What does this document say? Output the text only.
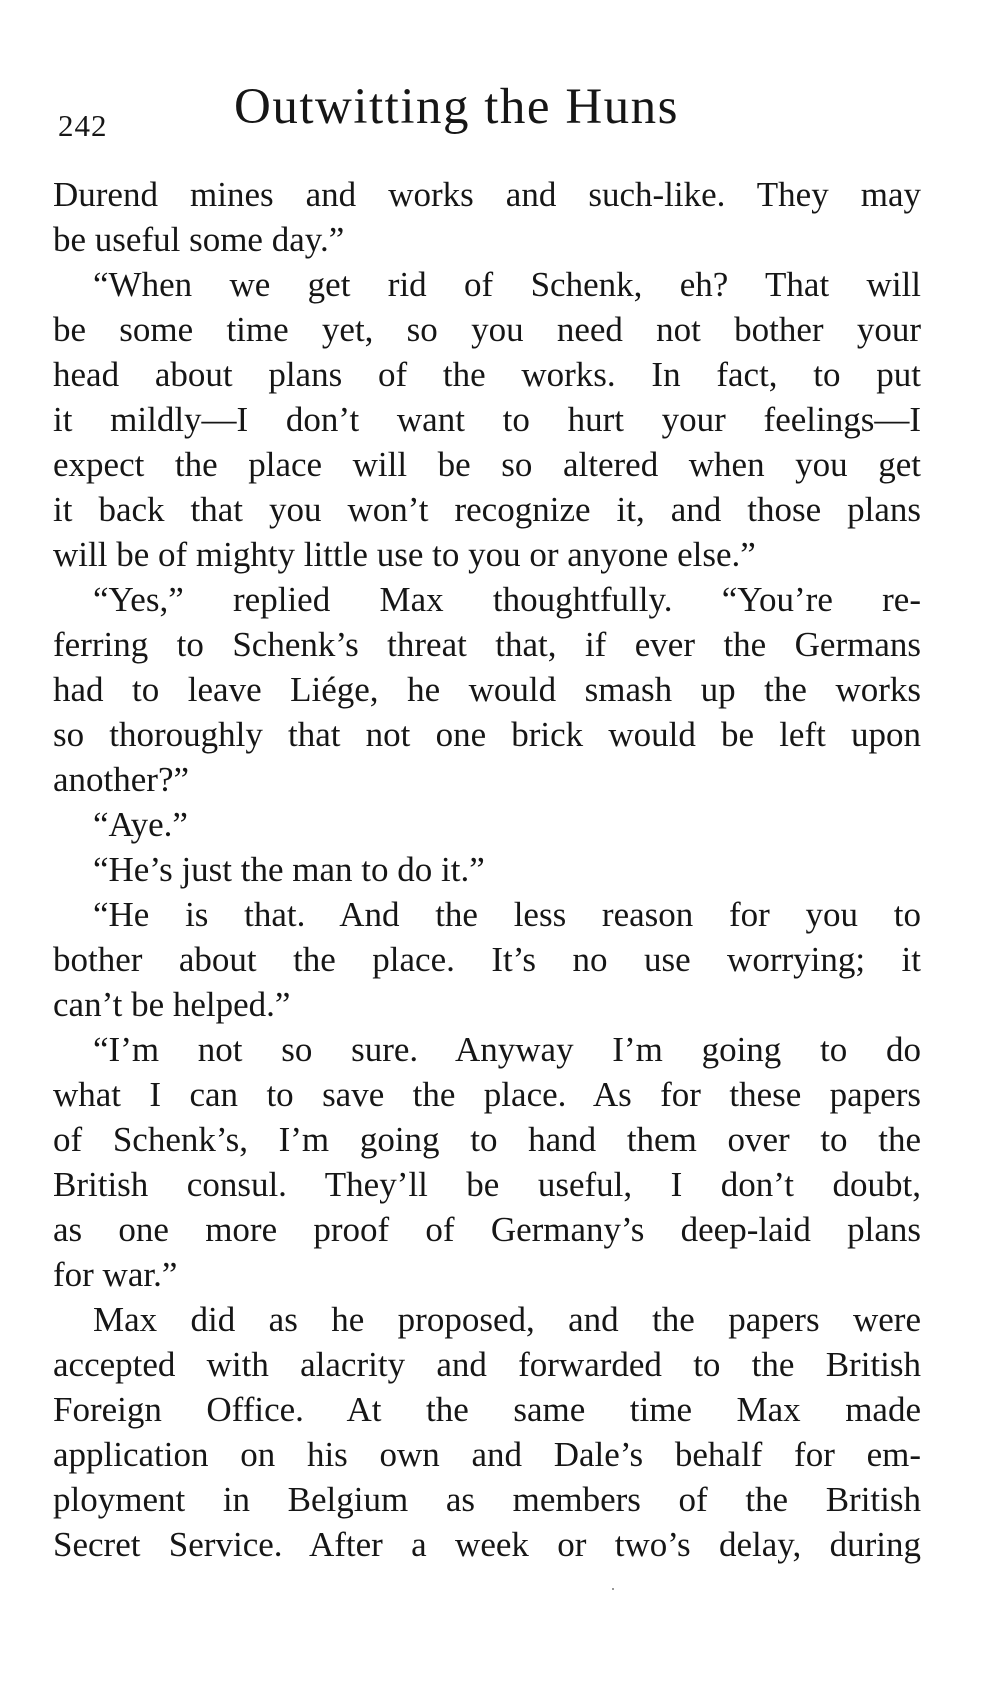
242 Outwitting the Huns
Durend mines and works and such-like. They may
be useful some day.”
“When we get rid of Schenk, eh? That will
be some time yet, so you need not bother your
head about plans of the works. In fact, to put
it mildly—I don’t want to hurt your feelings—I
expect the place will be so altered when you get
it back that you won’t recognize it, and those plans
will be of mighty little use to you or anyone else.”
“Yes,” replied Max thoughtfully. “You’re re-
ferring to Schenk’s threat that, if ever the Germans
had to leave Liége, he would smash up the works
so thoroughly that not one brick would be left upon
another?”
“Aye.”
“He’s just the man to do it.”
“He is that. And the less reason for you to
bother about the place. It’s no use worrying; it
can’t be helped.”
“I’m not so sure. Anyway I’m going to do
what I can to save the place. As for these papers
of Schenk’s, I’m going to hand them over to the
British consul. They’ll be useful, I don’t doubt,
as one more proof of Germany’s deep-laid plans
for war.”
Max did as he proposed, and the papers were
accepted with alacrity and forwarded to the British
Foreign Office. At the same time Max made
application on his own and Dale’s behalf for em-
ployment in Belgium as members of the British
Secret Service. After a week or two’s delay, during
